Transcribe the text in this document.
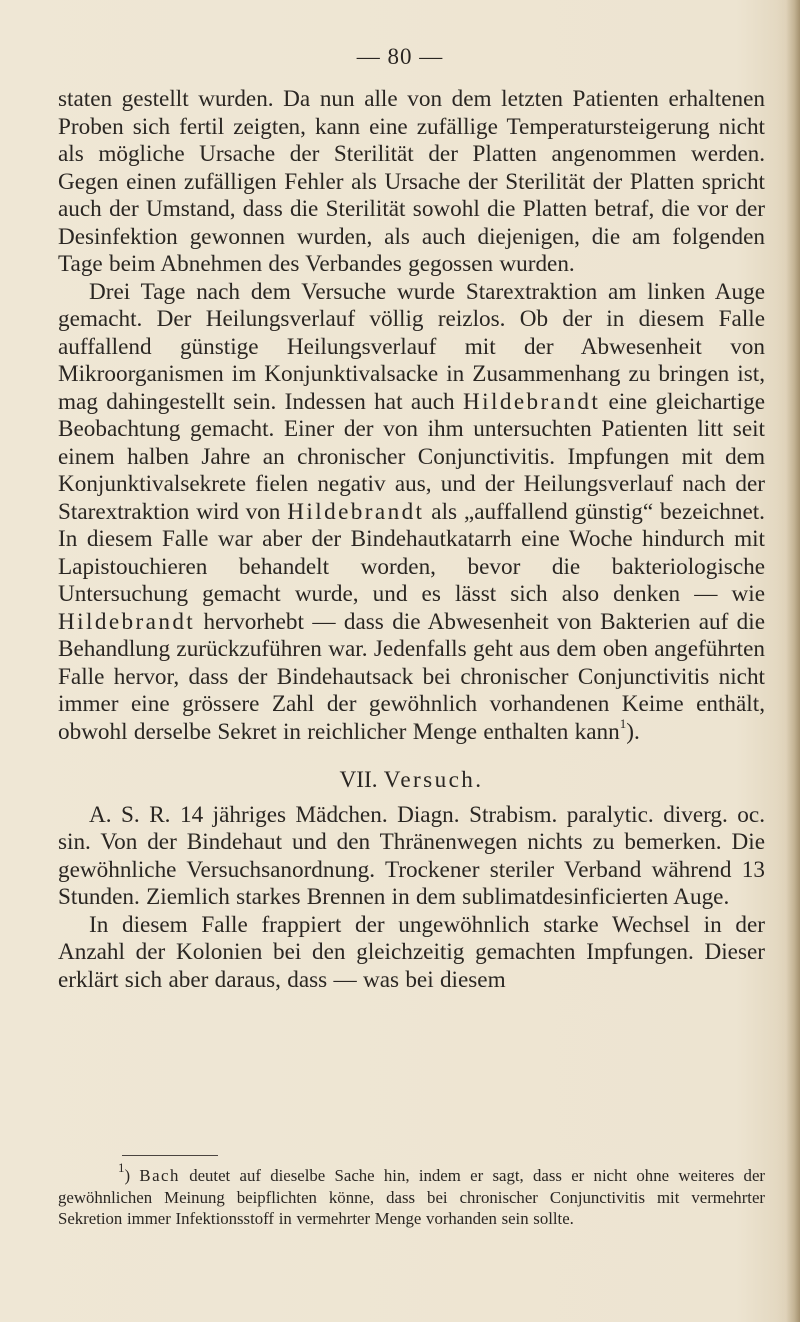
— 80 —

staten gestellt wurden. Da nun alle von dem letzten Patienten erhaltenen Proben sich fertil zeigten, kann eine zufällige Temperatursteigerung nicht als mögliche Ursache der Sterilität der Platten angenommen werden. Gegen einen zufälligen Fehler als Ursache der Sterilität der Platten spricht auch der Umstand, dass die Sterilität sowohl die Platten betraf, die vor der Desinfektion gewonnen wurden, als auch diejenigen, die am folgenden Tage beim Abnehmen des Verbandes gegossen wurden.

Drei Tage nach dem Versuche wurde Starextraktion am linken Auge gemacht. Der Heilungsverlauf völlig reizlos. Ob der in diesem Falle auffallend günstige Heilungsverlauf mit der Abwesenheit von Mikroorganismen im Konjunktivalsacke in Zusammenhang zu bringen ist, mag dahingestellt sein. Indessen hat auch Hildebrandt eine gleichartige Beobachtung gemacht. Einer der von ihm untersuchten Patienten litt seit einem halben Jahre an chronischer Conjunctivitis. Impfungen mit dem Konjunktivalsekrete fielen negativ aus, und der Heilungsverlauf nach der Starextraktion wird von Hildebrandt als „auffallend günstig“ bezeichnet. In diesem Falle war aber der Bindehautkatarrh eine Woche hindurch mit Lapistouchieren behandelt worden, bevor die bakteriologische Untersuchung gemacht wurde, und es lässt sich also denken — wie Hildebrandt hervorhebt — dass die Abwesenheit von Bakterien auf die Behandlung zurückzuführen war. Jedenfalls geht aus dem oben angeführten Falle hervor, dass der Bindehautsack bei chronischer Conjunctivitis nicht immer eine grössere Zahl der gewöhnlich vorhandenen Keime enthält, obwohl derselbe Sekret in reichlicher Menge enthalten kann$^1$).

VII. Versuch.

A. S. R. 14 jähriges Mädchen. Diagn. Strabism. paralytic. diverg. oc. sin. Von der Bindehaut und den Thränenwegen nichts zu bemerken. Die gewöhnliche Versuchsanordnung. Trockener steriler Verband während 13 Stunden. Ziemlich starkes Brennen in dem sublimatdesinficierten Auge.

In diesem Falle frappiert der ungewöhnlich starke Wechsel in der Anzahl der Kolonien bei den gleichzeitig gemachten Impfungen. Dieser erklärt sich aber daraus, dass — was bei diesem

$^1$) Bach deutet auf dieselbe Sache hin, indem er sagt, dass er nicht ohne weiteres der gewöhnlichen Meinung beipflichten könne, dass bei chronischer Conjunctivitis mit vermehrter Sekretion immer Infektionsstoff in vermehrter Menge vorhanden sein sollte.
